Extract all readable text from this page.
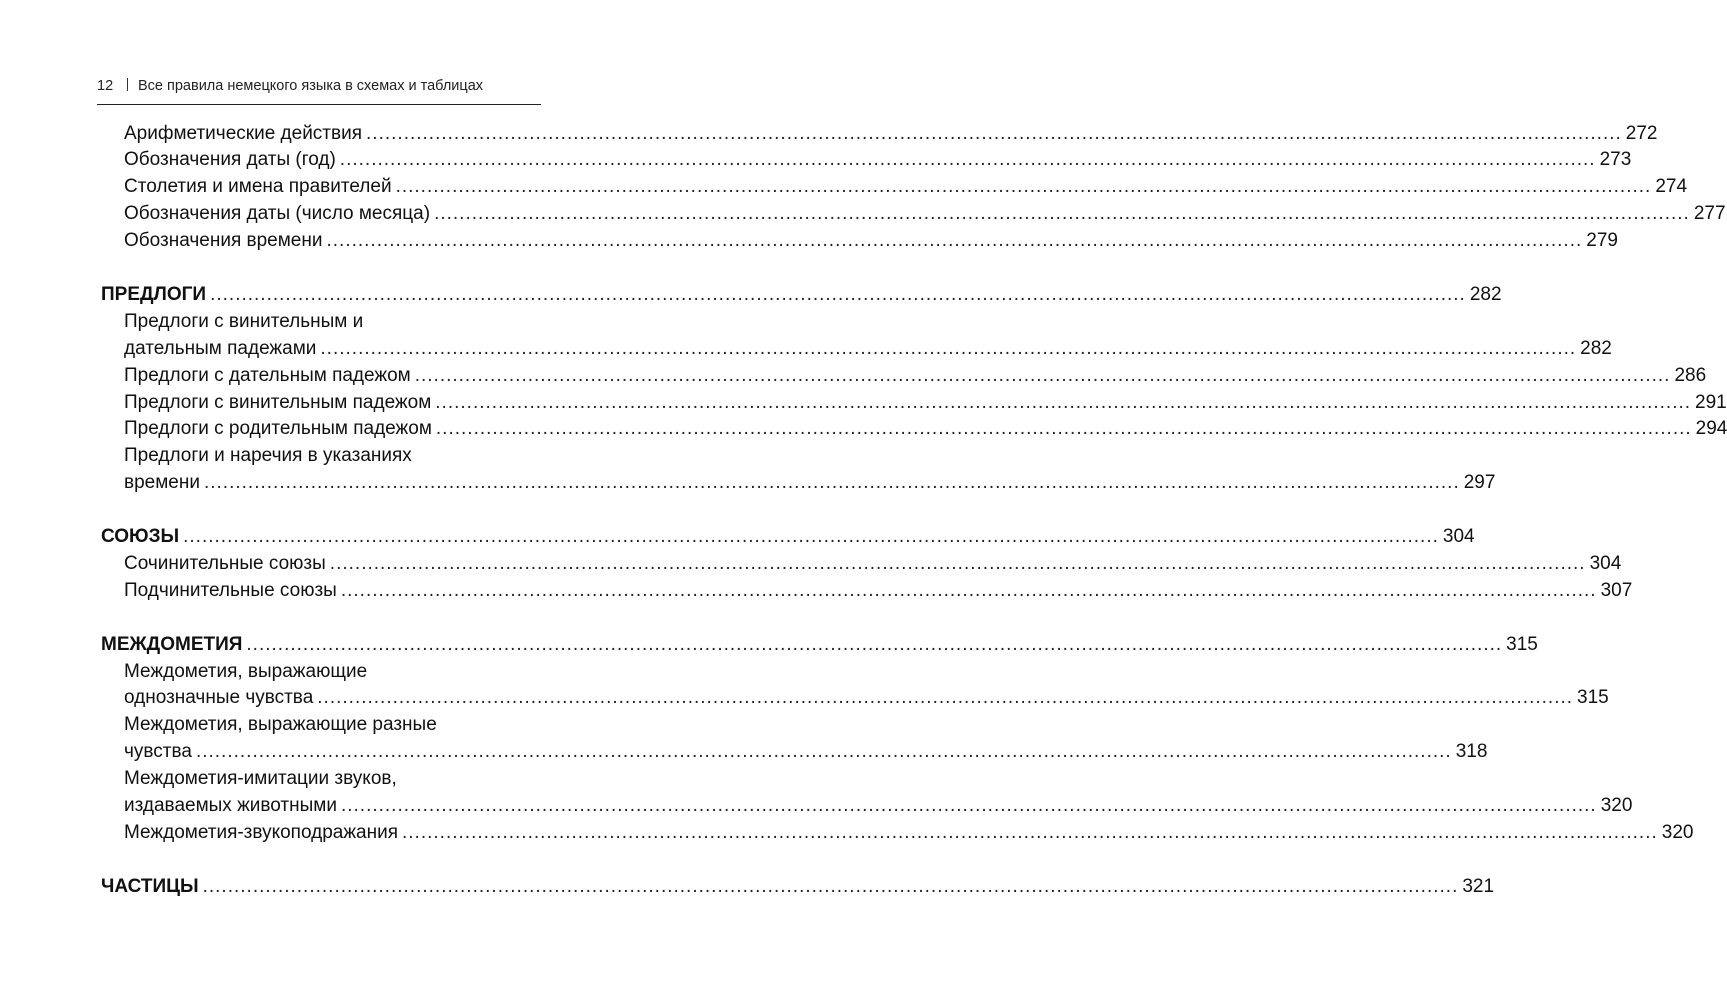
12 Все правила немецкого языка в схемах и таблицах
Арифметические действия ........................................................................................................................................................................................................ 272
Обозначения даты (год) ........................................................................................................................................................................................................ 273
Столетия и имена правителей ........................................................................................................................................................................................................ 274
Обозначения даты (число месяца) ........................................................................................................................................................................................................ 277
Обозначения времени ........................................................................................................................................................................................................ 279
ПРЕДЛОГИ ........................................................................................................................................................................................................ 282
Предлоги с винительным и
дательным падежами ........................................................................................................................................................................................................ 282
Предлоги с дательным падежом ........................................................................................................................................................................................................ 286
Предлоги с винительным падежом ........................................................................................................................................................................................................ 291
Предлоги с родительным падежом ........................................................................................................................................................................................................ 294
Предлоги и наречия в указаниях
времени ........................................................................................................................................................................................................ 297
СОЮЗЫ ........................................................................................................................................................................................................ 304
Сочинительные союзы ........................................................................................................................................................................................................ 304
Подчинительные союзы ........................................................................................................................................................................................................ 307
МЕЖДОМЕТИЯ ........................................................................................................................................................................................................ 315
Междометия, выражающие
однозначные чувства ........................................................................................................................................................................................................ 315
Междометия, выражающие разные
чувства ........................................................................................................................................................................................................ 318
Междометия-имитации звуков,
издаваемых животными ........................................................................................................................................................................................................ 320
Междометия-звукоподражания ........................................................................................................................................................................................................ 320
ЧАСТИЦЫ ........................................................................................................................................................................................................ 321
